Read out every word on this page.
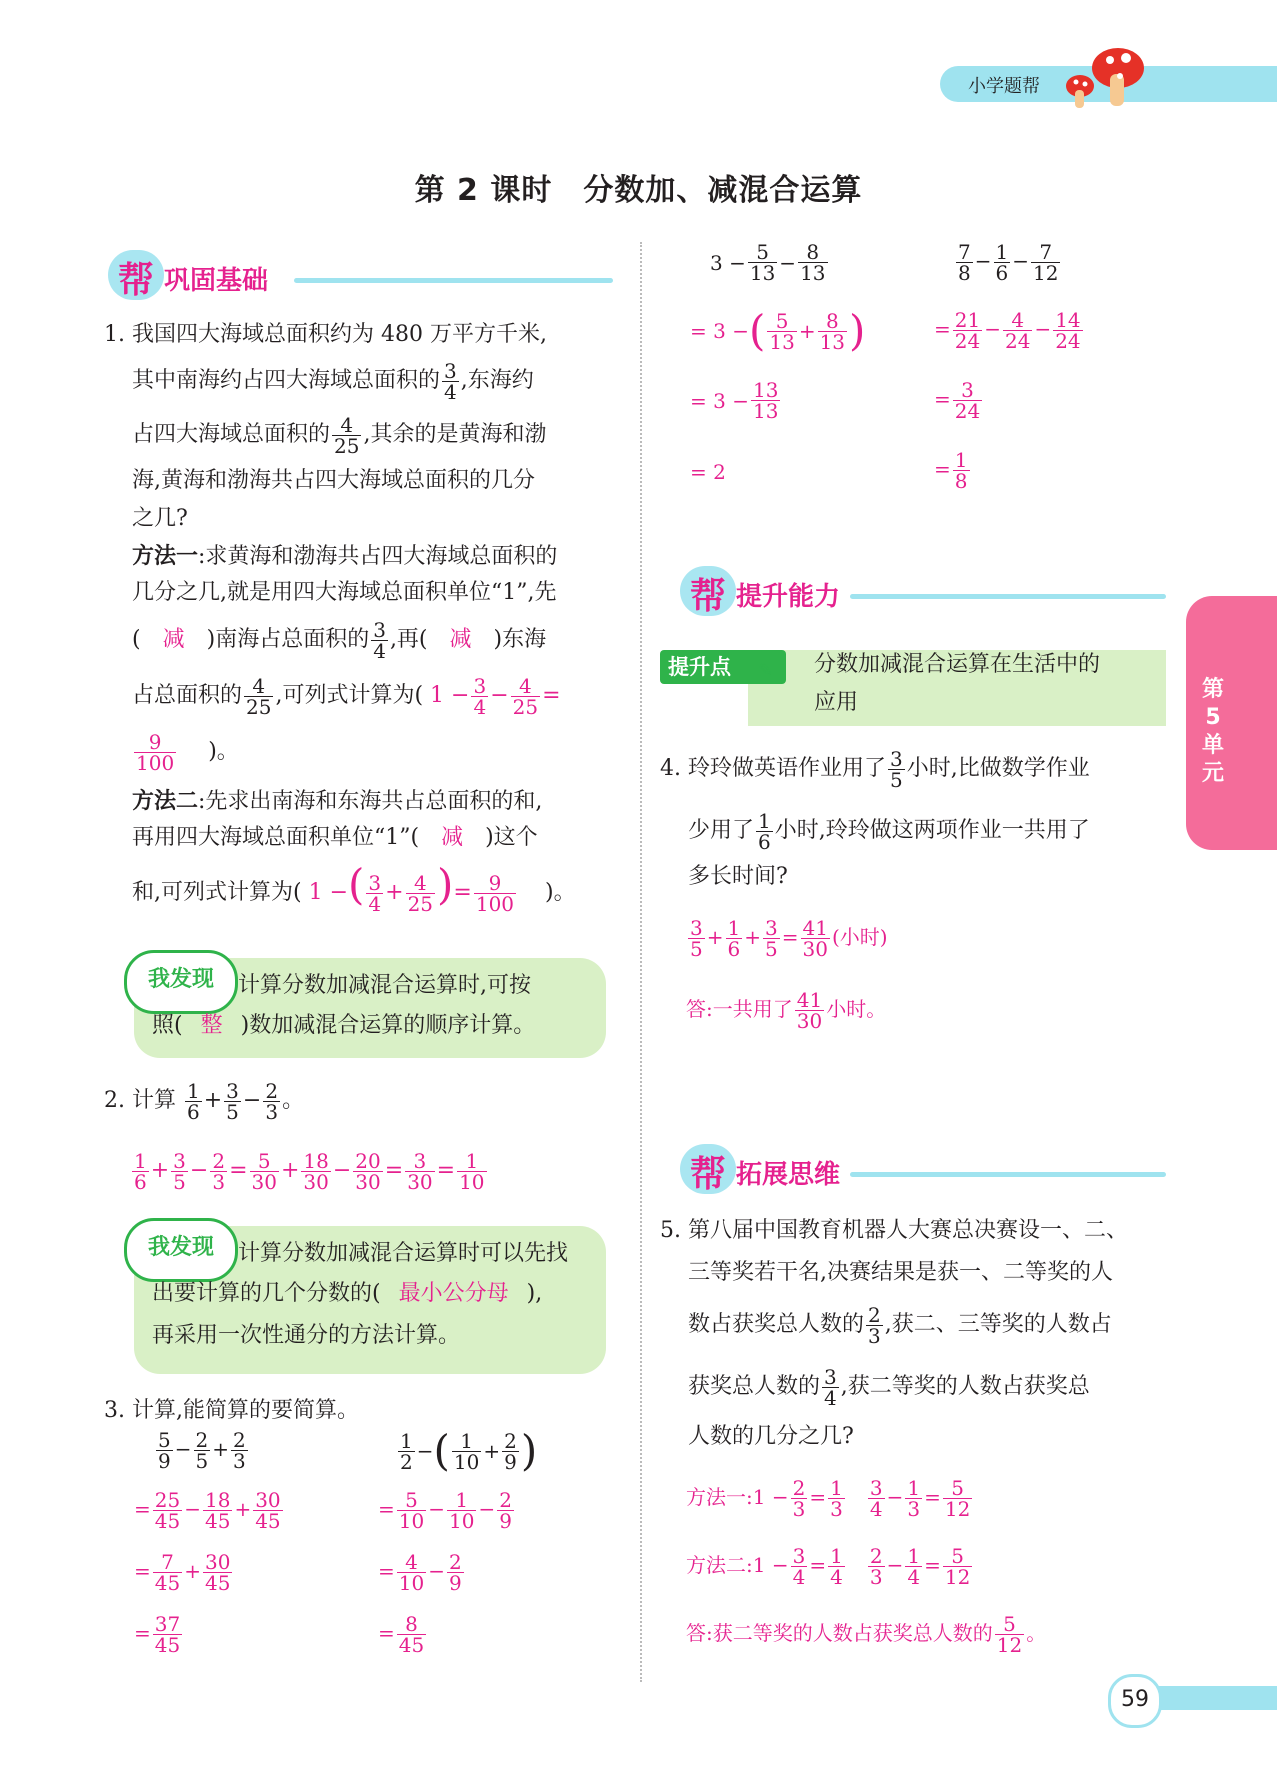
小学题帮
第 2 课时　分数加、减混合运算
帮 巩固基础
1. 我国四大海域总面积约为 480 万平方千米,
其中南海约占四大海域总面积的 $\frac{3}{4}$ ,东海约
占四大海域总面积的 $\frac{4}{25}$ ,其余的是黄海和渤
海,黄海和渤海共占四大海域总面积的几分
之几?
方法一:求黄海和渤海共占四大海域总面积的
几分之几,就是用四大海域总面积单位“1”,先
( 减 )南海占总面积的 $\frac{3}{4}$ ,再( 减 )东海
占总面积的 $\frac{4}{25}$ ,可列式计算为( $1 - \frac{3}{4} - \frac{4}{25}$ =
$\frac{9}{100}$ )。
方法二:先求出南海和东海共占总面积的和,
再用四大海域总面积单位“1”( 减 )这个
和,可列式计算为( 1 −( $\frac{3}{4} + \frac{4}{25}$ )= $\frac{9}{100}$ )。
我发现	计算分数加减混合运算时,可按
照( 整 )数加减混合运算的顺序计算。
2. 计算 $\frac{1}{6} + \frac{3}{5} - \frac{2}{3}$ 。
$\frac{1}{6} + \frac{3}{5} - \frac{2}{3} = \frac{5}{30} + \frac{18}{30} - \frac{20}{30} = \frac{3}{30} = \frac{1}{10}$
我发现	计算分数加减混合运算时可以先找
出要计算的几个分数的( 最小公分母 ),
再采用一次性通分的方法计算。
3. 计算,能简算的要简算。
$\frac{5}{9} - \frac{2}{5} + \frac{2}{3}$
= $\frac{25}{45} - \frac{18}{45} + \frac{30}{45}$
= $\frac{7}{45} + \frac{30}{45}$
= $\frac{37}{45}$
$\frac{1}{2}$ − ( $\frac{1}{10} + \frac{2}{9}$ )
= $\frac{5}{10} - \frac{1}{10} - \frac{2}{9}$
= $\frac{4}{10} - \frac{2}{9}$
= $\frac{8}{45}$
$3 - \frac{5}{13} - \frac{8}{13}$
= 3 − ( $\frac{5}{13} + \frac{8}{13}$ )
= $3 - \frac{13}{13}$
= 2
$\frac{7}{8} - \frac{1}{6} - \frac{7}{12}$
= $\frac{21}{24} - \frac{4}{24} - \frac{14}{24}$
= $\frac{3}{24}$
= $\frac{1}{8}$
帮 提升能力
提升点	✎ 分数加减混合运算在生活中的
应用
第5单元
4. 玲玲做英语作业用了 $\frac{3}{5}$ 小时,比做数学作业
少用了 $\frac{1}{6}$ 小时,玲玲做这两项作业一共用了
多长时间?
$\frac{3}{5} + \frac{1}{6} + \frac{3}{5} = \frac{41}{30}$ (小时)
答:一共用了 $\frac{41}{30}$ 小时。
帮 拓展思维
5. 第八届中国教育机器人大赛总决赛设一、二、
三等奖若干名,决赛结果是获一、二等奖的人
数占获奖总人数的 $\frac{2}{3}$ ,获二、三等奖的人数占
获奖总人数的 $\frac{3}{4}$ ,获二等奖的人数占获奖总
人数的几分之几?
方法一:1 − $\frac{2}{3} = \frac{1}{3}$
$\frac{3}{4} - \frac{1}{3} = \frac{5}{12}$
方法二:1 − $\frac{3}{4} = \frac{1}{4}$
$\frac{2}{3} - \frac{1}{4} = \frac{5}{12}$
答:获二等奖的人数占获奖总人数的 $\frac{5}{12}$ 。
59
